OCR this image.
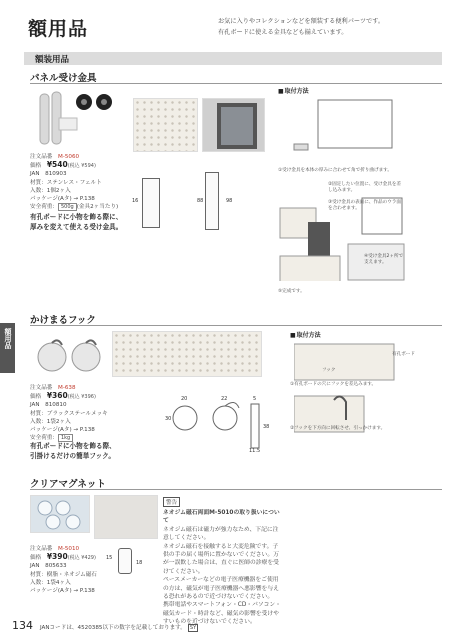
額用品	お気に入りやコレクションなどを額装する便利パーツです。
有孔ボードに使える金具なども揃えています。
額装用品
額用品
パネル受け金具
注文品番　 M-5060
価格　 ¥540(税込 ¥594)
JAN　810903
材質：ステンレス・フェルト
入数：1個2ヶ入
パッケージ(Aタ) → P.138
安全荷重： 500g (金具2ヶ当たり)
有孔ボードに小物を飾る際に、
厚みを変えて使える受け金具。
16	88	98
■ 取付方法
①受け金具を本体の厚みに合わせて角で折り曲げます。
②固定したい位置に、受け金具を差し込みます。
③受け金具の表面に、作品のウラ面を合わせます。
④受け金具2ヶ所で支えます。
⑤完成です。
かけまるフック
注文品番　 M-638
価格　 ¥360(税込 ¥396)
JAN　810810
材質：ブラックステールメッキ
入数：1袋2ヶ入
パッケージ(Aタ) → P.138
安全荷重： 1kg
有孔ボードに小物を飾る際、
引掛けるだけの簡単フック。
20	22
30
5
11.5
38
■ 取付方法
有孔ボード
フック
①有孔ボードの穴にフックを差込みます。
②フックを下方向に回転させ、引っかけます。
クリアマグネット
注文品番　 M-5010
価格　 ¥390(税込 ¥429)
JAN　805633
材質：樹脂・ネオジム磁石
入数：1袋4ヶ入
パッケージ(Aタ) → P.138
15
18
警告
ネオジム磁石両面M-5010の取り扱いについて
ネオジム磁石は磁力が強力なため、下記に注意してください。
ネオジム磁石を接触すると大変危険です。子供の手の届く場所に置かないでください。万が一誤飲した場合は、直ぐに医師の診療を受けてください。
ペースメーカーなどの電子医療機器をご使用の方は、磁気が電子医療機器へ悪影響を与える恐れがあるので近づけないでください。
携帯電話やスマートフォン・CD・パソコン・磁気カード・時計など、磁気の影響を受けやすいものを近づけないでください。
134 JANコードは、4520385以下の数字を記載しております。 SY
